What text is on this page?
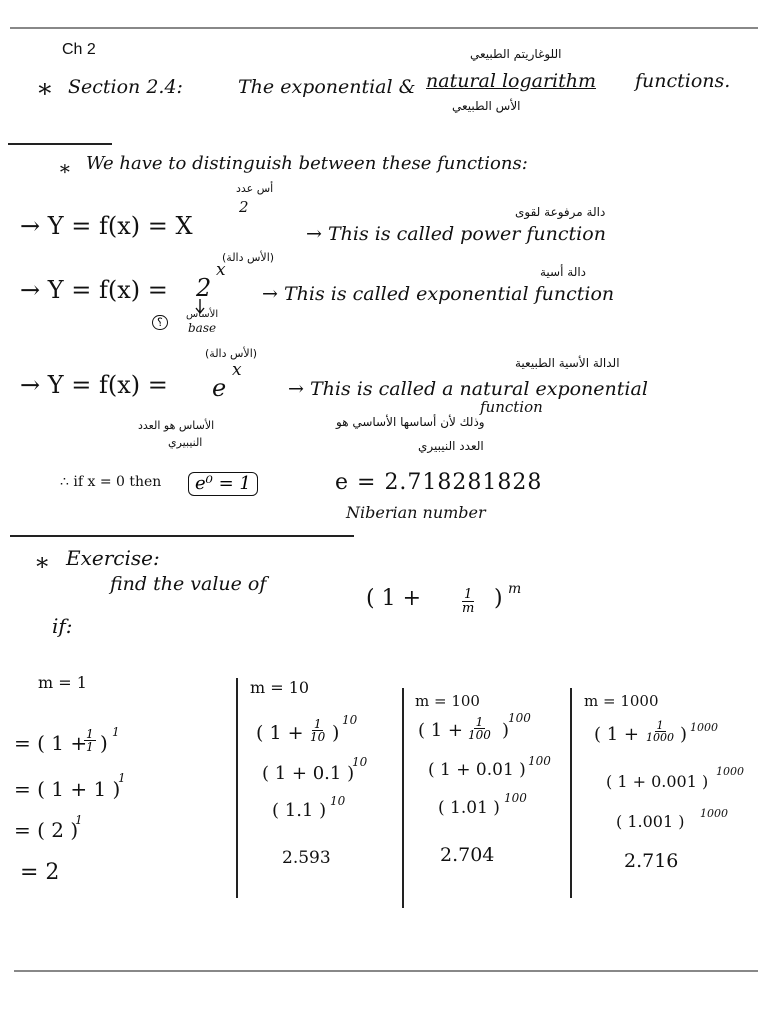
Ch 2	اللوغاريتم الطبيعي
∗ Section 2.4:	The exponential & natural logarithm functions.
الأس الطبيعي
∗ We have to distinguish between these functions:
أس عدد
→ Y = f(x) = X
2	دالة مرفوعة لقوى
→ This is called power function
(الأس دالة)
دالة أسية
→ Y = f(x) = 2
x
→ This is called exponential function
الأساس
؟	base
(الأس دالة)
الدالة الأسية الطبيعية
→ Y = f(x) = e
x
→ This is called a natural exponential
function
الأساس هو العدد
النيبيري
وذلك لأن أساسها الأساسي هو
العدد النيبيري
∴ if x = 0 then	e⁰ = 1	e = 2.718281828
Niberian number
∗ Exercise:
find the value of
if:
( 1 +	$\frac{1}{m}$ ) m
m = 1
= ( 1 +
$\frac{1}{1}$ ) 1
= ( 1 + 1 )
1
= ( 2 )
1
= 2
m = 10
( $1 + \frac{1}{10}$ )
10
( 1 + 0.1 )
10
( 1.1 ) 10
2.593
m = 100
( $1 + \frac{1}{100}$ )
100
( 1 + 0.01 ) 100
( 1.01 ) 100
2.704
m = 1000
( $1 + \frac{1}{1000}$ ) 1000
( 1 + 0.001 )
1000
( 1.001 ) 1000
2.716
